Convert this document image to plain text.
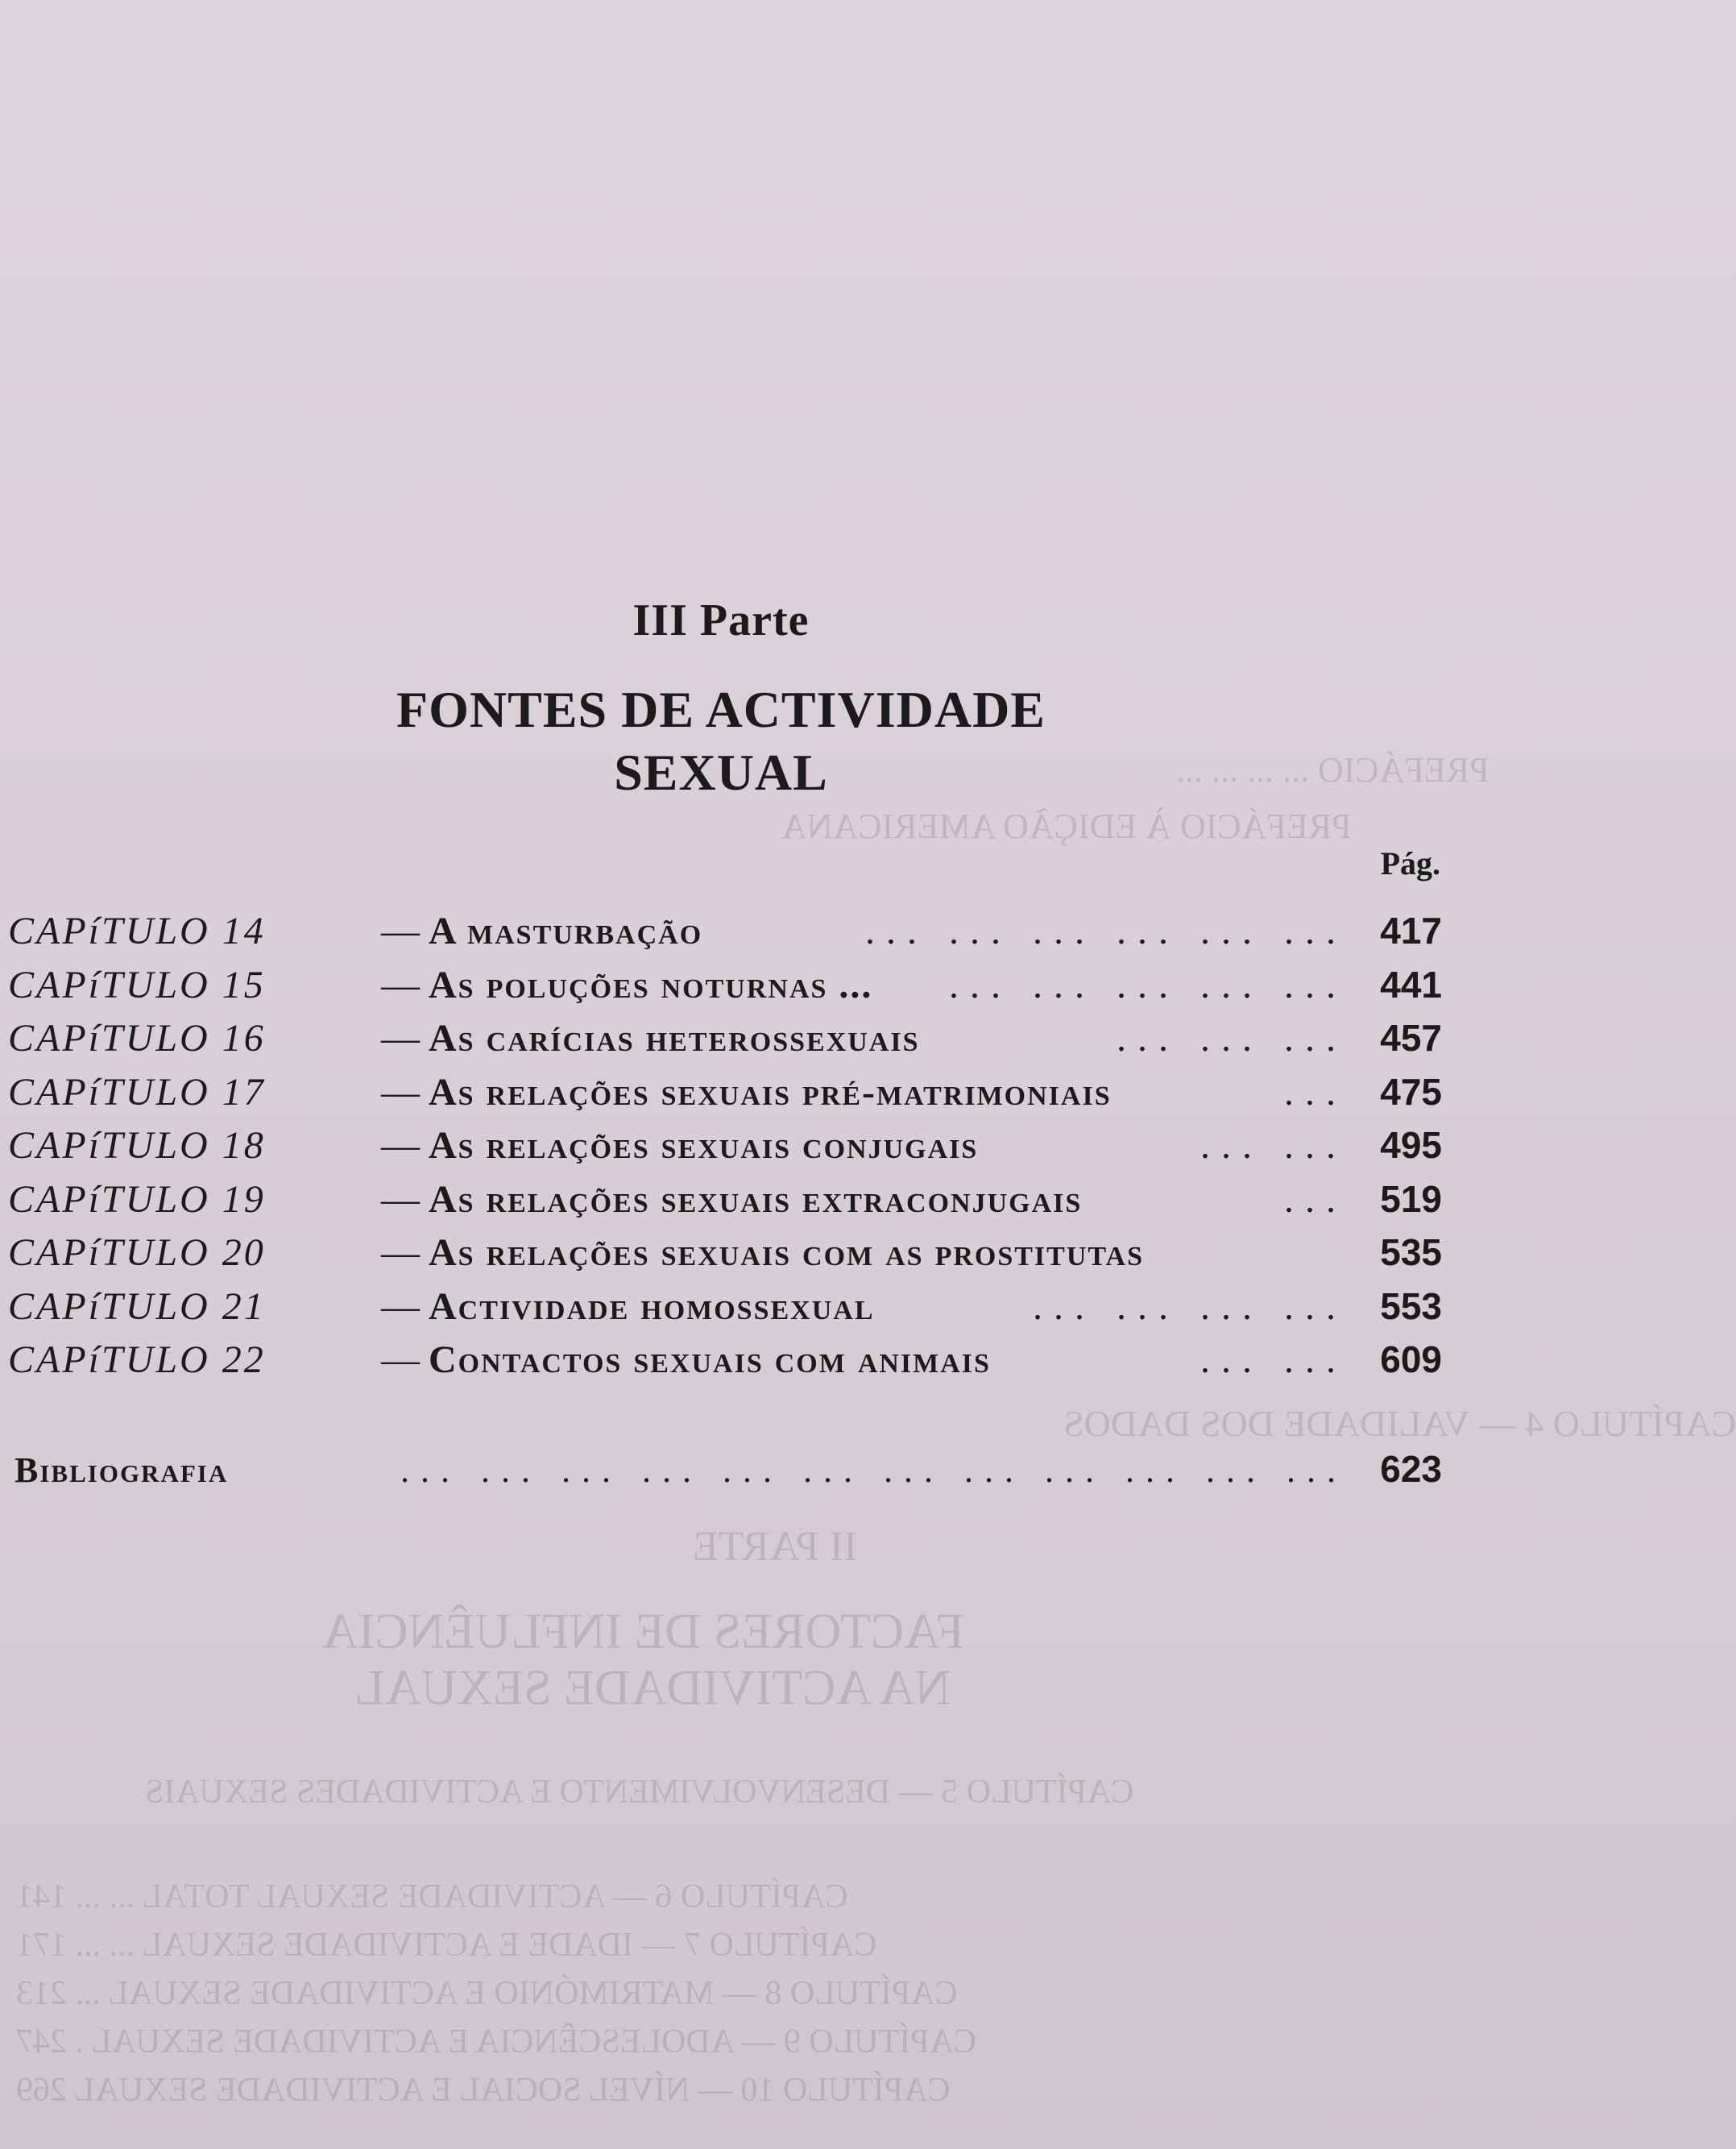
PREFÁCIO ... ... ... ...
PREFÁCIO À EDIÇÃO AMERICANA
CAPÍTULO 4 — VALIDADE DOS DADOS
II PARTE
FACTORES DE INFLUÊNCIA
NA ACTIVIDADE SEXUAL
CAPÍTULO 5 — DESENVOLVIMENTO E ACTIVIDADES SEXUAIS
CAPÍTULO 6 — ACTIVIDADE SEXUAL TOTAL ... ... 141
CAPÍTULO 7 — IDADE E ACTIVIDADE SEXUAL ... ... 171
CAPÍTULO 8 — MATRIMÓNIO E ACTIVIDADE SEXUAL ... 213
CAPÍTULO 9 — ADOLESCÊNCIA E ACTIVIDADE SEXUAL . 247
CAPÍTULO 10 — NÍVEL SOCIAL E ACTIVIDADE SEXUAL 269
III Parte
FONTES DE ACTIVIDADE
SEXUAL
Pág.
CAPíTULO 14	— A masturbação	... ... ... ... ... ... 417
CAPíTULO 15	— As poluções noturnas ...	... ... ... ... ... 441
CAPíTULO 16	— As carícias heterossexuais	... ... ... 457
CAPíTULO 17	— As relações sexuais pré-matrimoniais	... 475
CAPíTULO 18	— As relações sexuais conjugais	... ... 495
CAPíTULO 19	— As relações sexuais extraconjugais	... 519
CAPíTULO 20	— As relações sexuais com as prostitutas	535
CAPíTULO 21	— Actividade homossexual	... ... ... ... 553
CAPíTULO 22	— Contactos sexuais com animais	... ... 609
Bibliografia	... ... ... ... ... ... ... ... ... ... ... ... 623
